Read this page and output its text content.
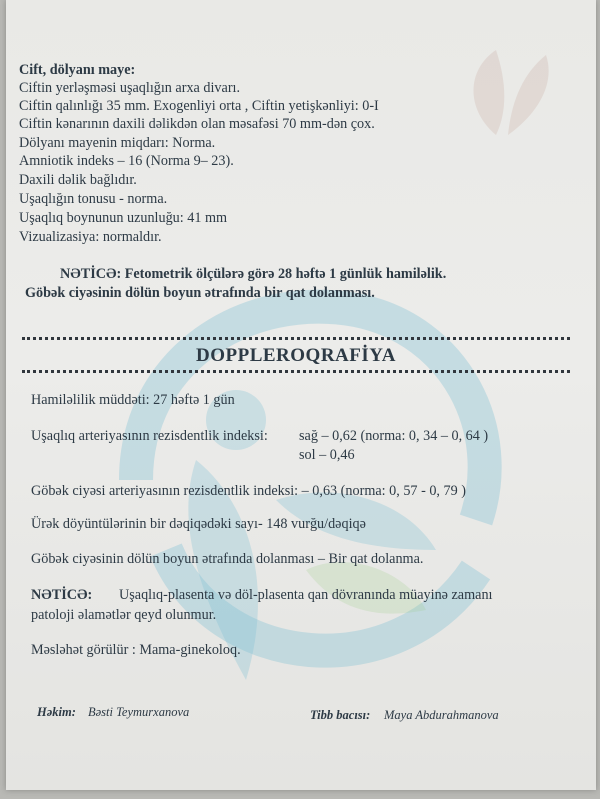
Cift, dölyanı maye:
Ciftin yerləşməsi uşaqlığın arxa divarı.
Ciftin qalınlığı 35 mm. Exogenliyi orta , Ciftin yetişkənliyi: 0-I
Ciftin kənarının daxili dəlikdən olan məsafəsi 70 mm-dən çox.
Dölyanı mayenin miqdarı: Norma.
Amniotik indeks – 16 (Norma 9– 23).
Daxili dəlik bağlıdır.
Uşaqlığın tonusu - norma.
Uşaqlıq boynunun uzunluğu: 41 mm
Vizualizasiya: normaldır.
NƏTİCƏ: Fetometrik ölçülərə görə 28 həftə 1 günlük hamiləlik.
Göbək ciyəsinin dölün boyun ətrafında bir qat dolanması.
DOPPLEROQRAFİYA
Hamiləlilik müddəti: 27 həftə 1 gün
Uşaqlıq arteriyasının rezisdentlik indeksi: sağ – 0,62 (norma: 0, 34 – 0, 64 )
sol – 0,46
Göbək ciyəsi arteriyasının rezisdentlik indeksi: – 0,63 (norma: 0, 57 - 0, 79 )
Ürək döyüntülərinin bir dəqiqədəki sayı- 148 vurğu/dəqiqə
Göbək ciyəsinin dölün boyun ətrafında dolanması – Bir qat dolanma.
NƏTİCƏ: Uşaqlıq-plasenta və döl-plasenta qan dövranında müayinə zamanı
patoloji əlamətlər qeyd olunmur.
Məsləhət görülür : Mama-ginekoloq.
Həkim: Bəsti Teymurxanova	Tibb bacısı: Maya Abdurahmanova
